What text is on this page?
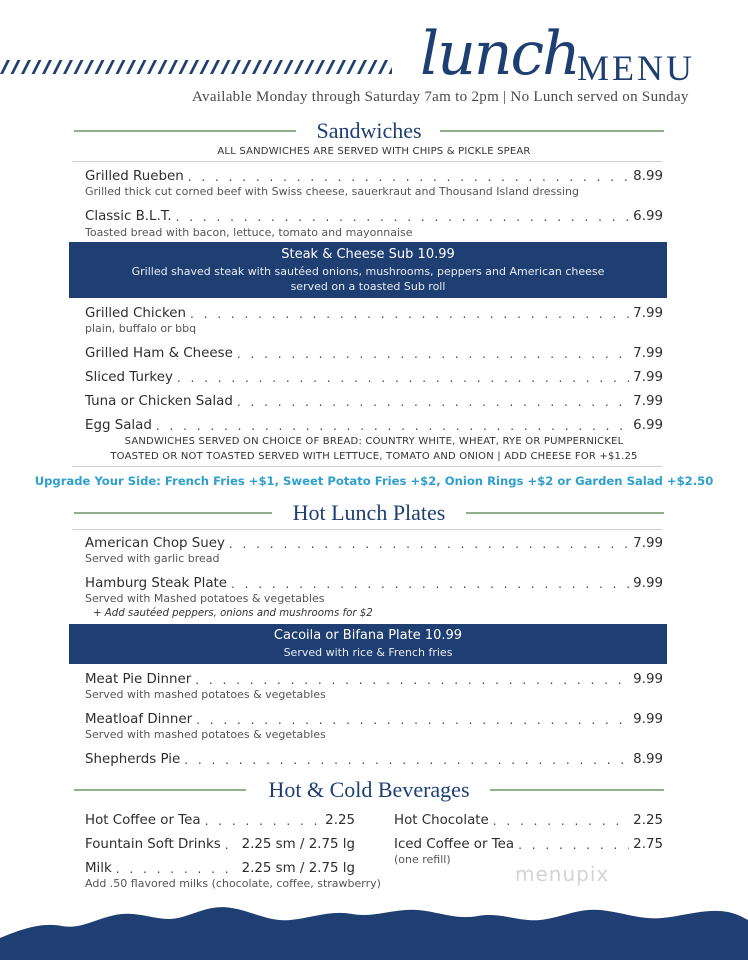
lunch
MENU
Available Monday through Saturday 7am to 2pm | No Lunch served on Sunday
Sandwiches
ALL SANDWICHES ARE SERVED WITH CHIPS & PICKLE SPEAR
Grilled Rueben . . .	8.99
Grilled thick cut corned beef with Swiss cheese, sauerkraut and Thousand Island dressing
Classic B.L.T. . . .	6.99
Toasted bread with bacon, lettuce, tomato and mayonnaise
Steak & Cheese Sub 10.99
Grilled shaved steak with sautéed onions, mushrooms, peppers and American cheese
served on a toasted Sub roll
Grilled Chicken . . .	7.99
plain, buffalo or bbq
Grilled Ham & Cheese . . .	7.99
Sliced Turkey . . .	7.99
Tuna or Chicken Salad . . .	7.99
Egg Salad . . .	6.99
SANDWICHES SERVED ON CHOICE OF BREAD: COUNTRY WHITE, WHEAT, RYE OR PUMPERNICKEL
TOASTED OR NOT TOASTED SERVED WITH LETTUCE, TOMATO AND ONION | ADD CHEESE FOR +$1.25
Upgrade Your Side: French Fries +$1, Sweet Potato Fries +$2, Onion Rings +$2 or Garden Salad +$2.50
Hot Lunch Plates
American Chop Suey . . .	7.99
Served with garlic bread
Hamburg Steak Plate . . .	9.99
Served with Mashed potatoes & vegetables
+ Add sautéed peppers, onions and mushrooms for $2
Cacoila or Bifana Plate 10.99
Served with rice & French fries
Meat Pie Dinner . . .	9.99
Served with mashed potatoes & vegetables
Meatloaf Dinner . . .	9.99
Served with mashed potatoes & vegetables
Shepherds Pie . . .	8.99
Hot & Cold Beverages
Hot Coffee or Tea . . .	2.25
Fountain Soft Drinks . . . 2.25 sm / 2.75 lg
Milk . . .	2.25 sm / 2.75 lg
Add .50 flavored milks (chocolate, coffee, strawberry)
Hot Chocolate . . .	2.25
Iced Coffee or Tea . . .	2.75
(one refill)
menupix
